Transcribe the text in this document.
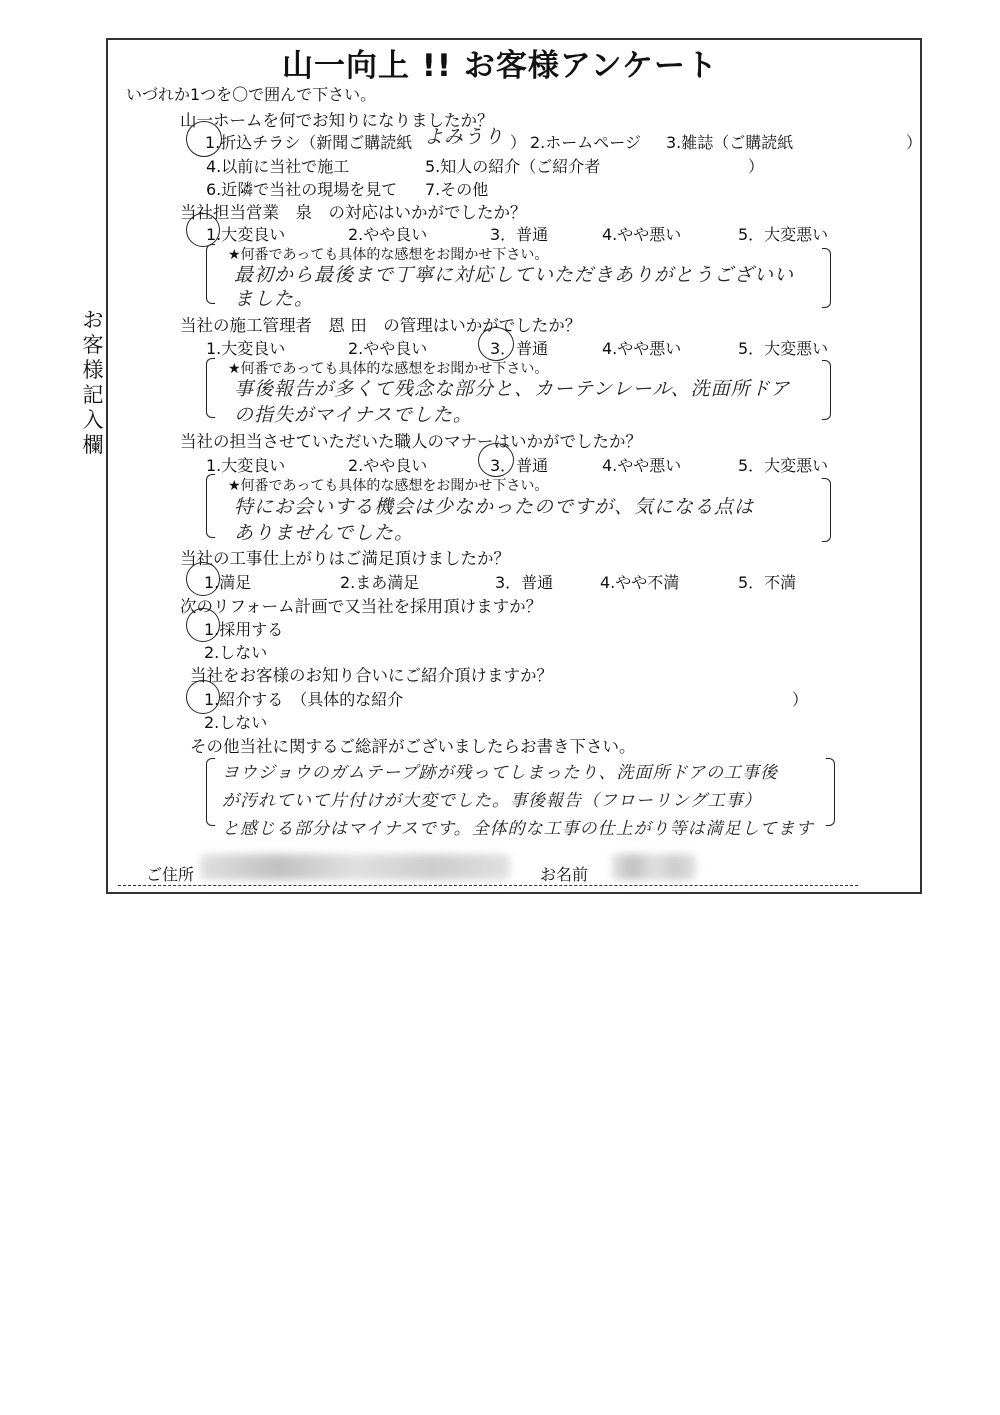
山一向上 !! お客様アンケート
お
客
様
記
入
欄
いづれか1つを〇で囲んで下さい。
山一ホームを何でお知りになりましたか？
1.折込チラシ（新聞ご購読紙 よみうり ） 2.ホームページ 3.雑誌（ご購読紙	）
4.以前に当社で施工	5.知人の紹介（ご紹介者	）
6.近隣で当社の現場を見て 7.その他
当社担当営業　泉　の対応はいかがでしたか？
1.大変良い	2.やや良い	3．普通	4.やや悪い	5．大変悪い
★何番であっても具体的な感想をお聞かせ下さい。
最初から最後まで丁寧に対応していただきありがとうございい
ました。
当社の施工管理者　恩 田　の管理はいかがでしたか？
1.大変良い	2.やや良い	3．普通	4.やや悪い	5．大変悪い
★何番であっても具体的な感想をお聞かせ下さい。
事後報告が多くて残念な部分と、カーテンレール、洗面所ドア
の指失がマイナスでした。
当社の担当させていただいた職人のマナーはいかがでしたか？
1.大変良い	2.やや良い	3．普通	4.やや悪い	5．大変悪い
★何番であっても具体的な感想をお聞かせ下さい。
特にお会いする機会は少なかったのですが、気になる点は
ありませんでした。
当社の工事仕上がりはご満足頂けましたか？
1.満足	2.まあ満足	3．普通	4.やや不満	5．不満
次のリフォーム計画で又当社を採用頂けますか？
1.採用する
2.しない
当社をお客様のお知り合いにご紹介頂けますか？
1.紹介する　（具体的な紹介	）
2.しない
その他当社に関するご総評がございましたらお書き下さい。
ヨウジョウのガムテープ跡が残ってしまったり、洗面所ドアの工事後
が汚れていて片付けが大変でした。事後報告（フローリング工事）
と感じる部分はマイナスです。全体的な工事の仕上がり等は満足してます
ご住所	お名前
